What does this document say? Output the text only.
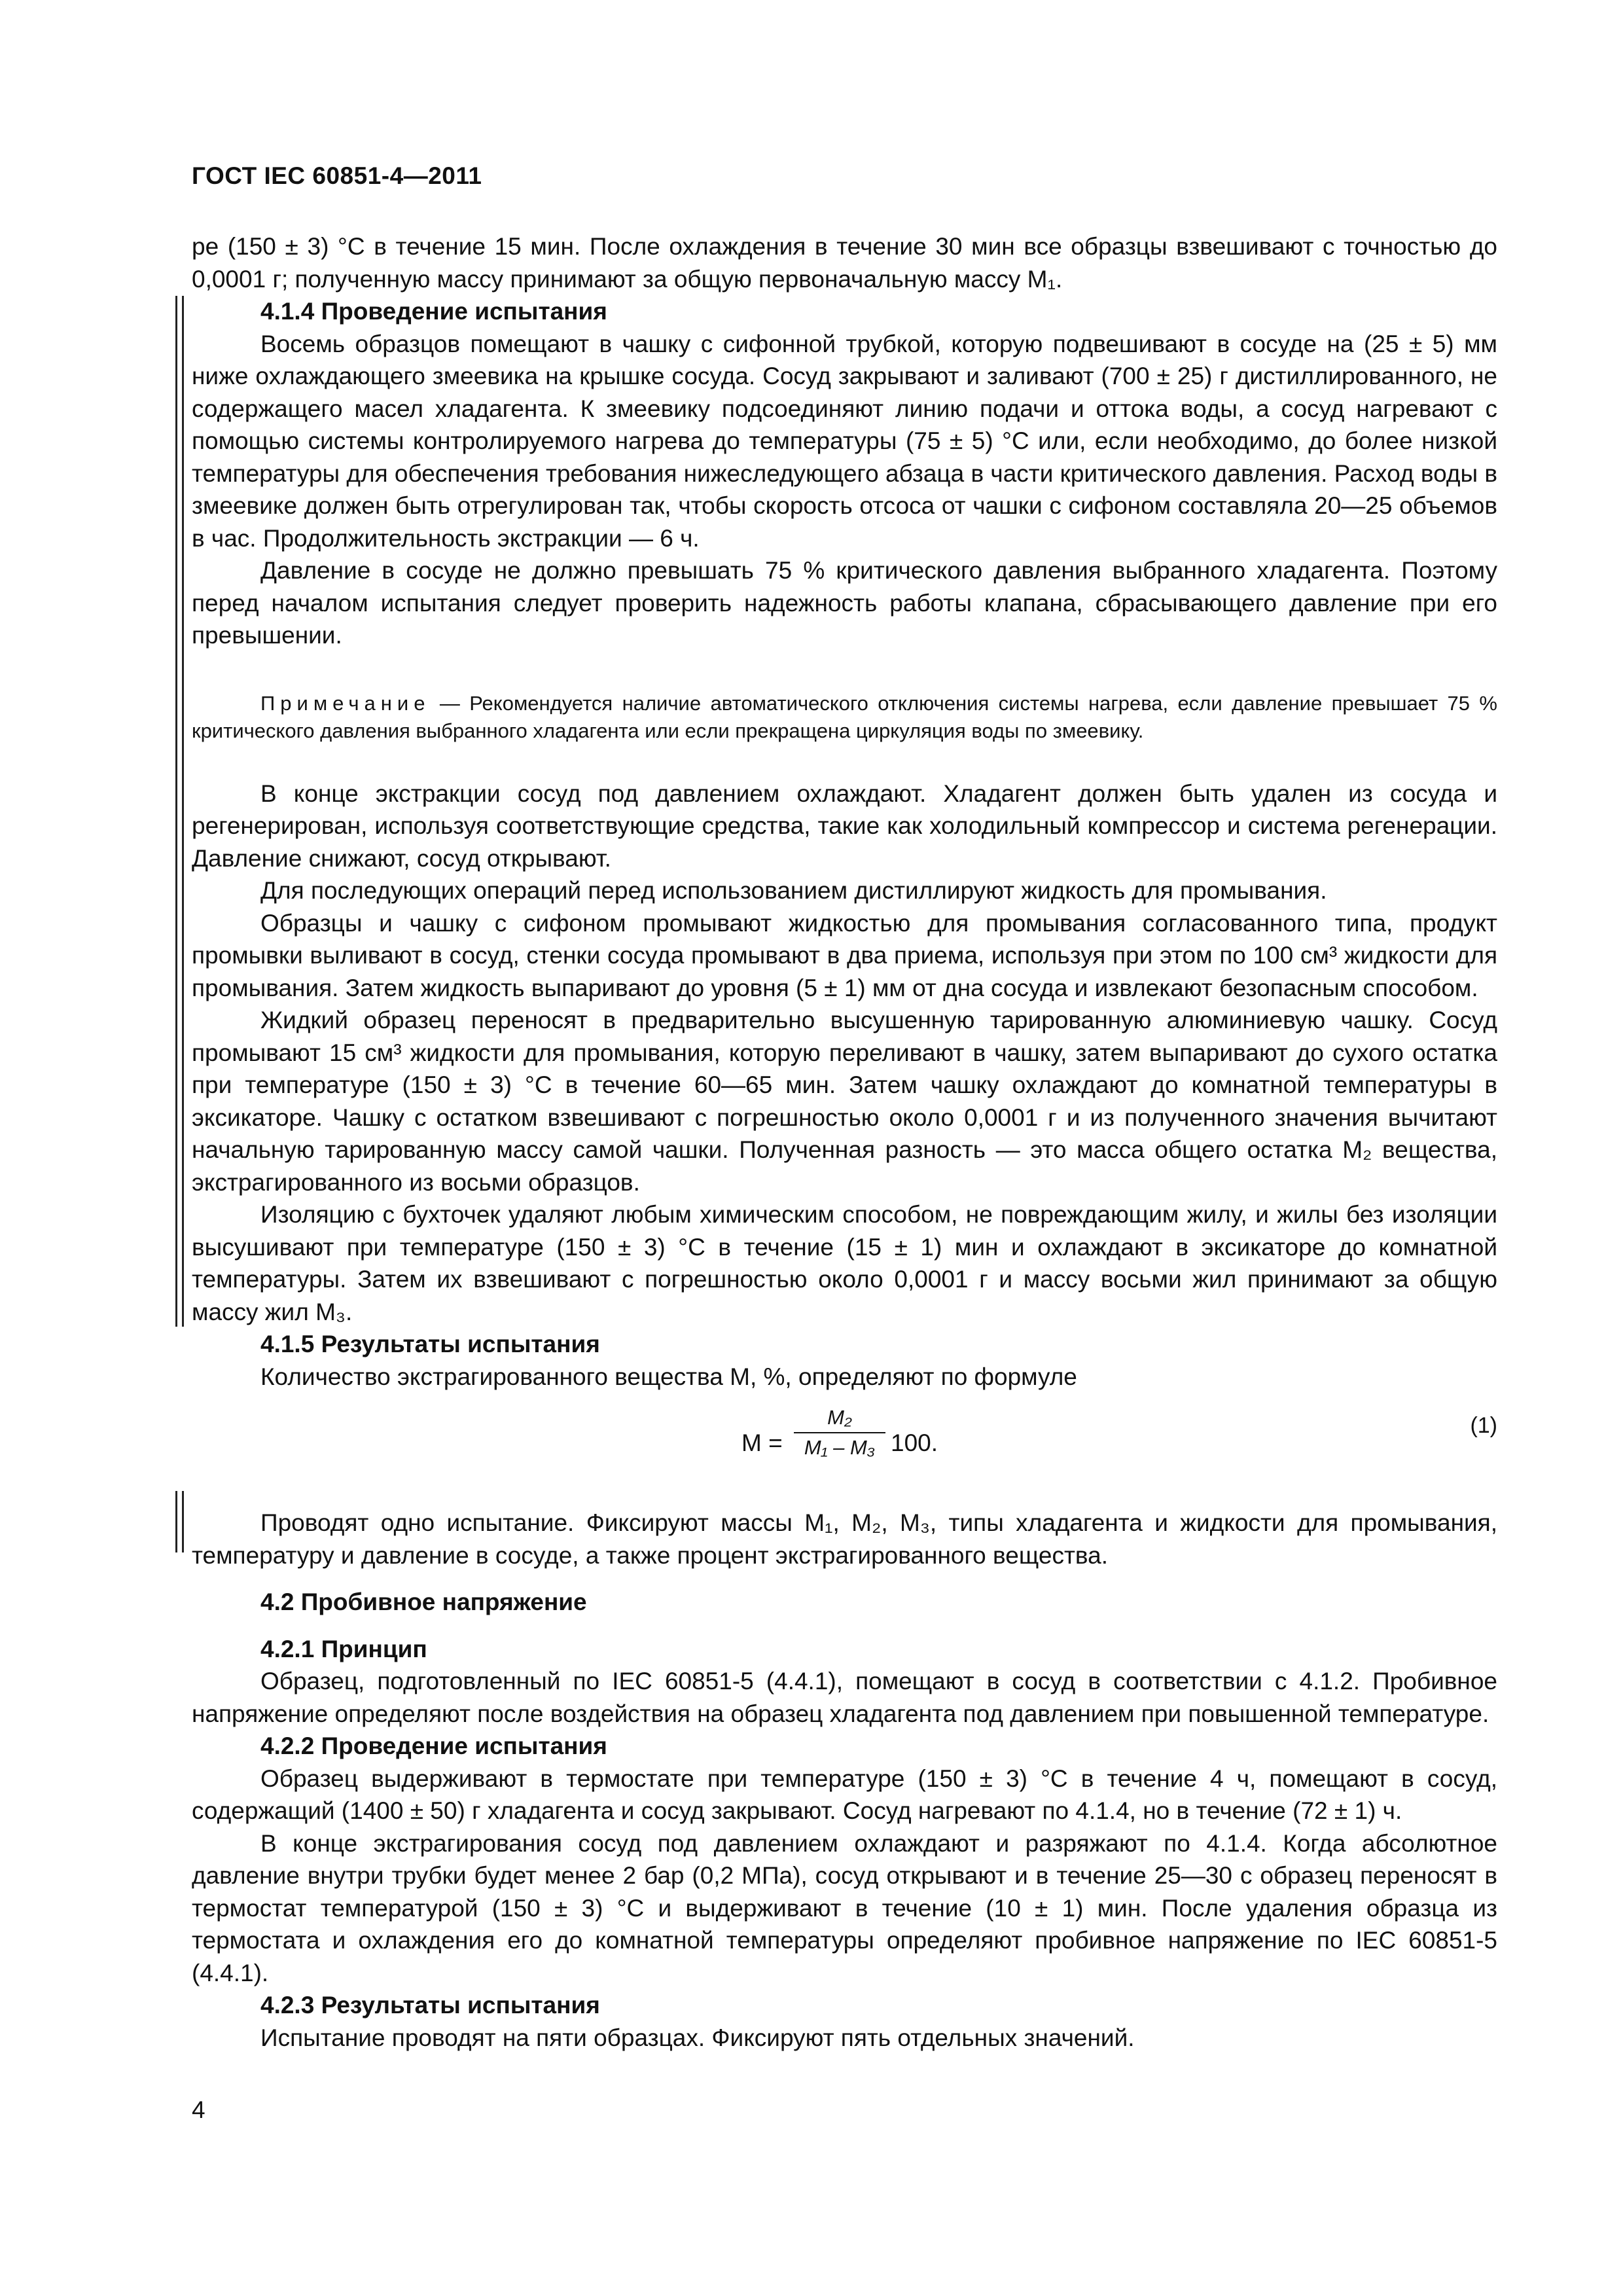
ГОСТ IEC 60851-4—2011

ре (150 ± 3) °С в течение 15 мин. После охлаждения в течение 30 мин все образцы взвешивают с точностью до 0,0001 г; полученную массу принимают за общую первоначальную массу M₁.

4.1.4 Проведение испытания

Восемь образцов помещают в чашку с сифонной трубкой, которую подвешивают в сосуде на (25 ± 5) мм ниже охлаждающего змеевика на крышке сосуда. Сосуд закрывают и заливают (700 ± 25) г дистиллированного, не содержащего масел хладагента. К змеевику подсоединяют линию подачи и оттока воды, а сосуд нагревают с помощью системы контролируемого нагрева до температуры (75 ± 5) °С или, если необходимо, до более низкой температуры для обеспечения требования нижеследующего абзаца в части критического давления. Расход воды в змеевике должен быть отрегулирован так, чтобы скорость отсоса от чашки с сифоном составляла 20—25 объемов в час. Продолжительность экстракции — 6 ч.

Давление в сосуде не должно превышать 75 % критического давления выбранного хладагента. Поэтому перед началом испытания следует проверить надежность работы клапана, сбрасывающего давление при его превышении.

Примечание — Рекомендуется наличие автоматического отключения системы нагрева, если давление превышает 75 % критического давления выбранного хладагента или если прекращена циркуляция воды по змеевику.

В конце экстракции сосуд под давлением охлаждают. Хладагент должен быть удален из сосуда и регенерирован, используя соответствующие средства, такие как холодильный компрессор и система регенерации. Давление снижают, сосуд открывают.

Для последующих операций перед использованием дистиллируют жидкость для промывания.

Образцы и чашку с сифоном промывают жидкостью для промывания согласованного типа, продукт промывки выливают в сосуд, стенки сосуда промывают в два приема, используя при этом по 100 см³ жидкости для промывания. Затем жидкость выпаривают до уровня (5 ± 1) мм от дна сосуда и извлекают безопасным способом.

Жидкий образец переносят в предварительно высушенную тарированную алюминиевую чашку. Сосуд промывают 15 см³ жидкости для промывания, которую переливают в чашку, затем выпаривают до сухого остатка при температуре (150 ± 3) °С в течение 60—65 мин. Затем чашку охлаждают до комнатной температуры в эксикаторе. Чашку с остатком взвешивают с погрешностью около 0,0001 г и из полученного значения вычитают начальную тарированную массу самой чашки. Полученная разность — это масса общего остатка M₂ вещества, экстрагированного из восьми образцов.

Изоляцию с бухточек удаляют любым химическим способом, не повреждающим жилу, и жилы без изоляции высушивают при температуре (150 ± 3) °С в течение (15 ± 1) мин и охлаждают в эксикаторе до комнатной температуры. Затем их взвешивают с погрешностью около 0,0001 г и массу восьми жил принимают за общую массу жил M₃.

4.1.5 Результаты испытания

Количество экстрагированного вещества M, %, определяют по формуле

M =
M₂
M₁ – M₃ 100.
(1)

Проводят одно испытание. Фиксируют массы M₁, M₂, M₃, типы хладагента и жидкости для промывания, температуру и давление в сосуде, а также процент экстрагированного вещества.

4.2 Пробивное напряжение

4.2.1 Принцип

Образец, подготовленный по IEC 60851-5 (4.4.1), помещают в сосуд в соответствии с 4.1.2. Пробивное напряжение определяют после воздействия на образец хладагента под давлением при повышенной температуре.

4.2.2 Проведение испытания

Образец выдерживают в термостате при температуре (150 ± 3) °С в течение 4 ч, помещают в сосуд, содержащий (1400 ± 50) г хладагента и сосуд закрывают. Сосуд нагревают по 4.1.4, но в течение (72 ± 1) ч.

В конце экстрагирования сосуд под давлением охлаждают и разряжают по 4.1.4. Когда абсолютное давление внутри трубки будет менее 2 бар (0,2 МПа), сосуд открывают и в течение 25—30 с образец переносят в термостат температурой (150 ± 3) °С и выдерживают в течение (10 ± 1) мин. После удаления образца из термостата и охлаждения его до комнатной температуры определяют пробивное напряжение по IEC 60851-5 (4.4.1).

4.2.3 Результаты испытания

Испытание проводят на пяти образцах. Фиксируют пять отдельных значений.

4
